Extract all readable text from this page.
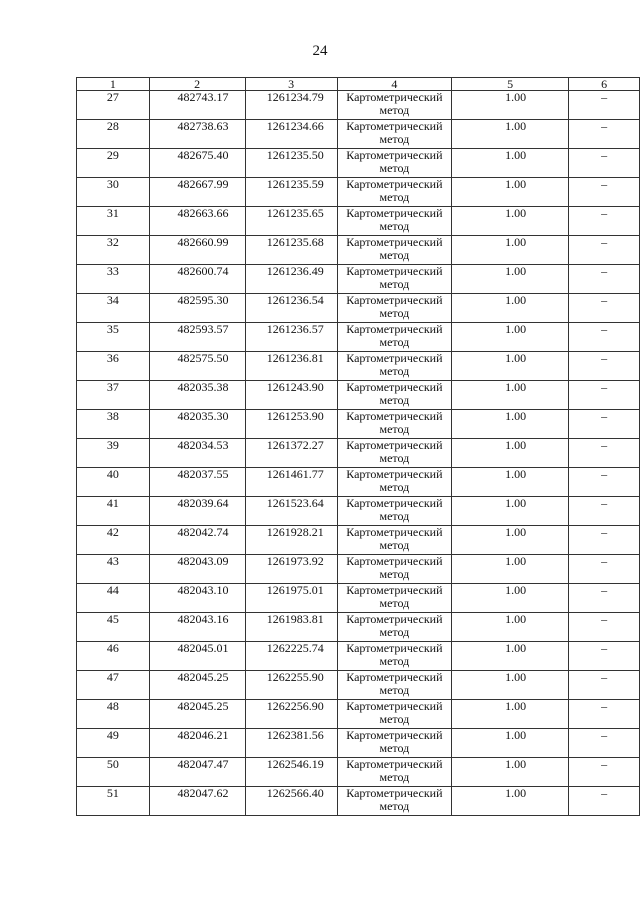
24
1	2	3	4	5	6
27	482743.17	1261234.79	Картометрический метод	1.00	–
28	482738.63	1261234.66	Картометрический метод	1.00	–
29	482675.40	1261235.50	Картометрический метод	1.00	–
30	482667.99	1261235.59	Картометрический метод	1.00	–
31	482663.66	1261235.65	Картометрический метод	1.00	–
32	482660.99	1261235.68	Картометрический метод	1.00	–
33	482600.74	1261236.49	Картометрический метод	1.00	–
34	482595.30	1261236.54	Картометрический метод	1.00	–
35	482593.57	1261236.57	Картометрический метод	1.00	–
36	482575.50	1261236.81	Картометрический метод	1.00	–
37	482035.38	1261243.90	Картометрический метод	1.00	–
38	482035.30	1261253.90	Картометрический метод	1.00	–
39	482034.53	1261372.27	Картометрический метод	1.00	–
40	482037.55	1261461.77	Картометрический метод	1.00	–
41	482039.64	1261523.64	Картометрический метод	1.00	–
42	482042.74	1261928.21	Картометрический метод	1.00	–
43	482043.09	1261973.92	Картометрический метод	1.00	–
44	482043.10	1261975.01	Картометрический метод	1.00	–
45	482043.16	1261983.81	Картометрический метод	1.00	–
46	482045.01	1262225.74	Картометрический метод	1.00	–
47	482045.25	1262255.90	Картометрический метод	1.00	–
48	482045.25	1262256.90	Картометрический метод	1.00	–
49	482046.21	1262381.56	Картометрический метод	1.00	–
50	482047.47	1262546.19	Картометрический метод	1.00	–
51	482047.62	1262566.40	Картометрический метод	1.00	–
